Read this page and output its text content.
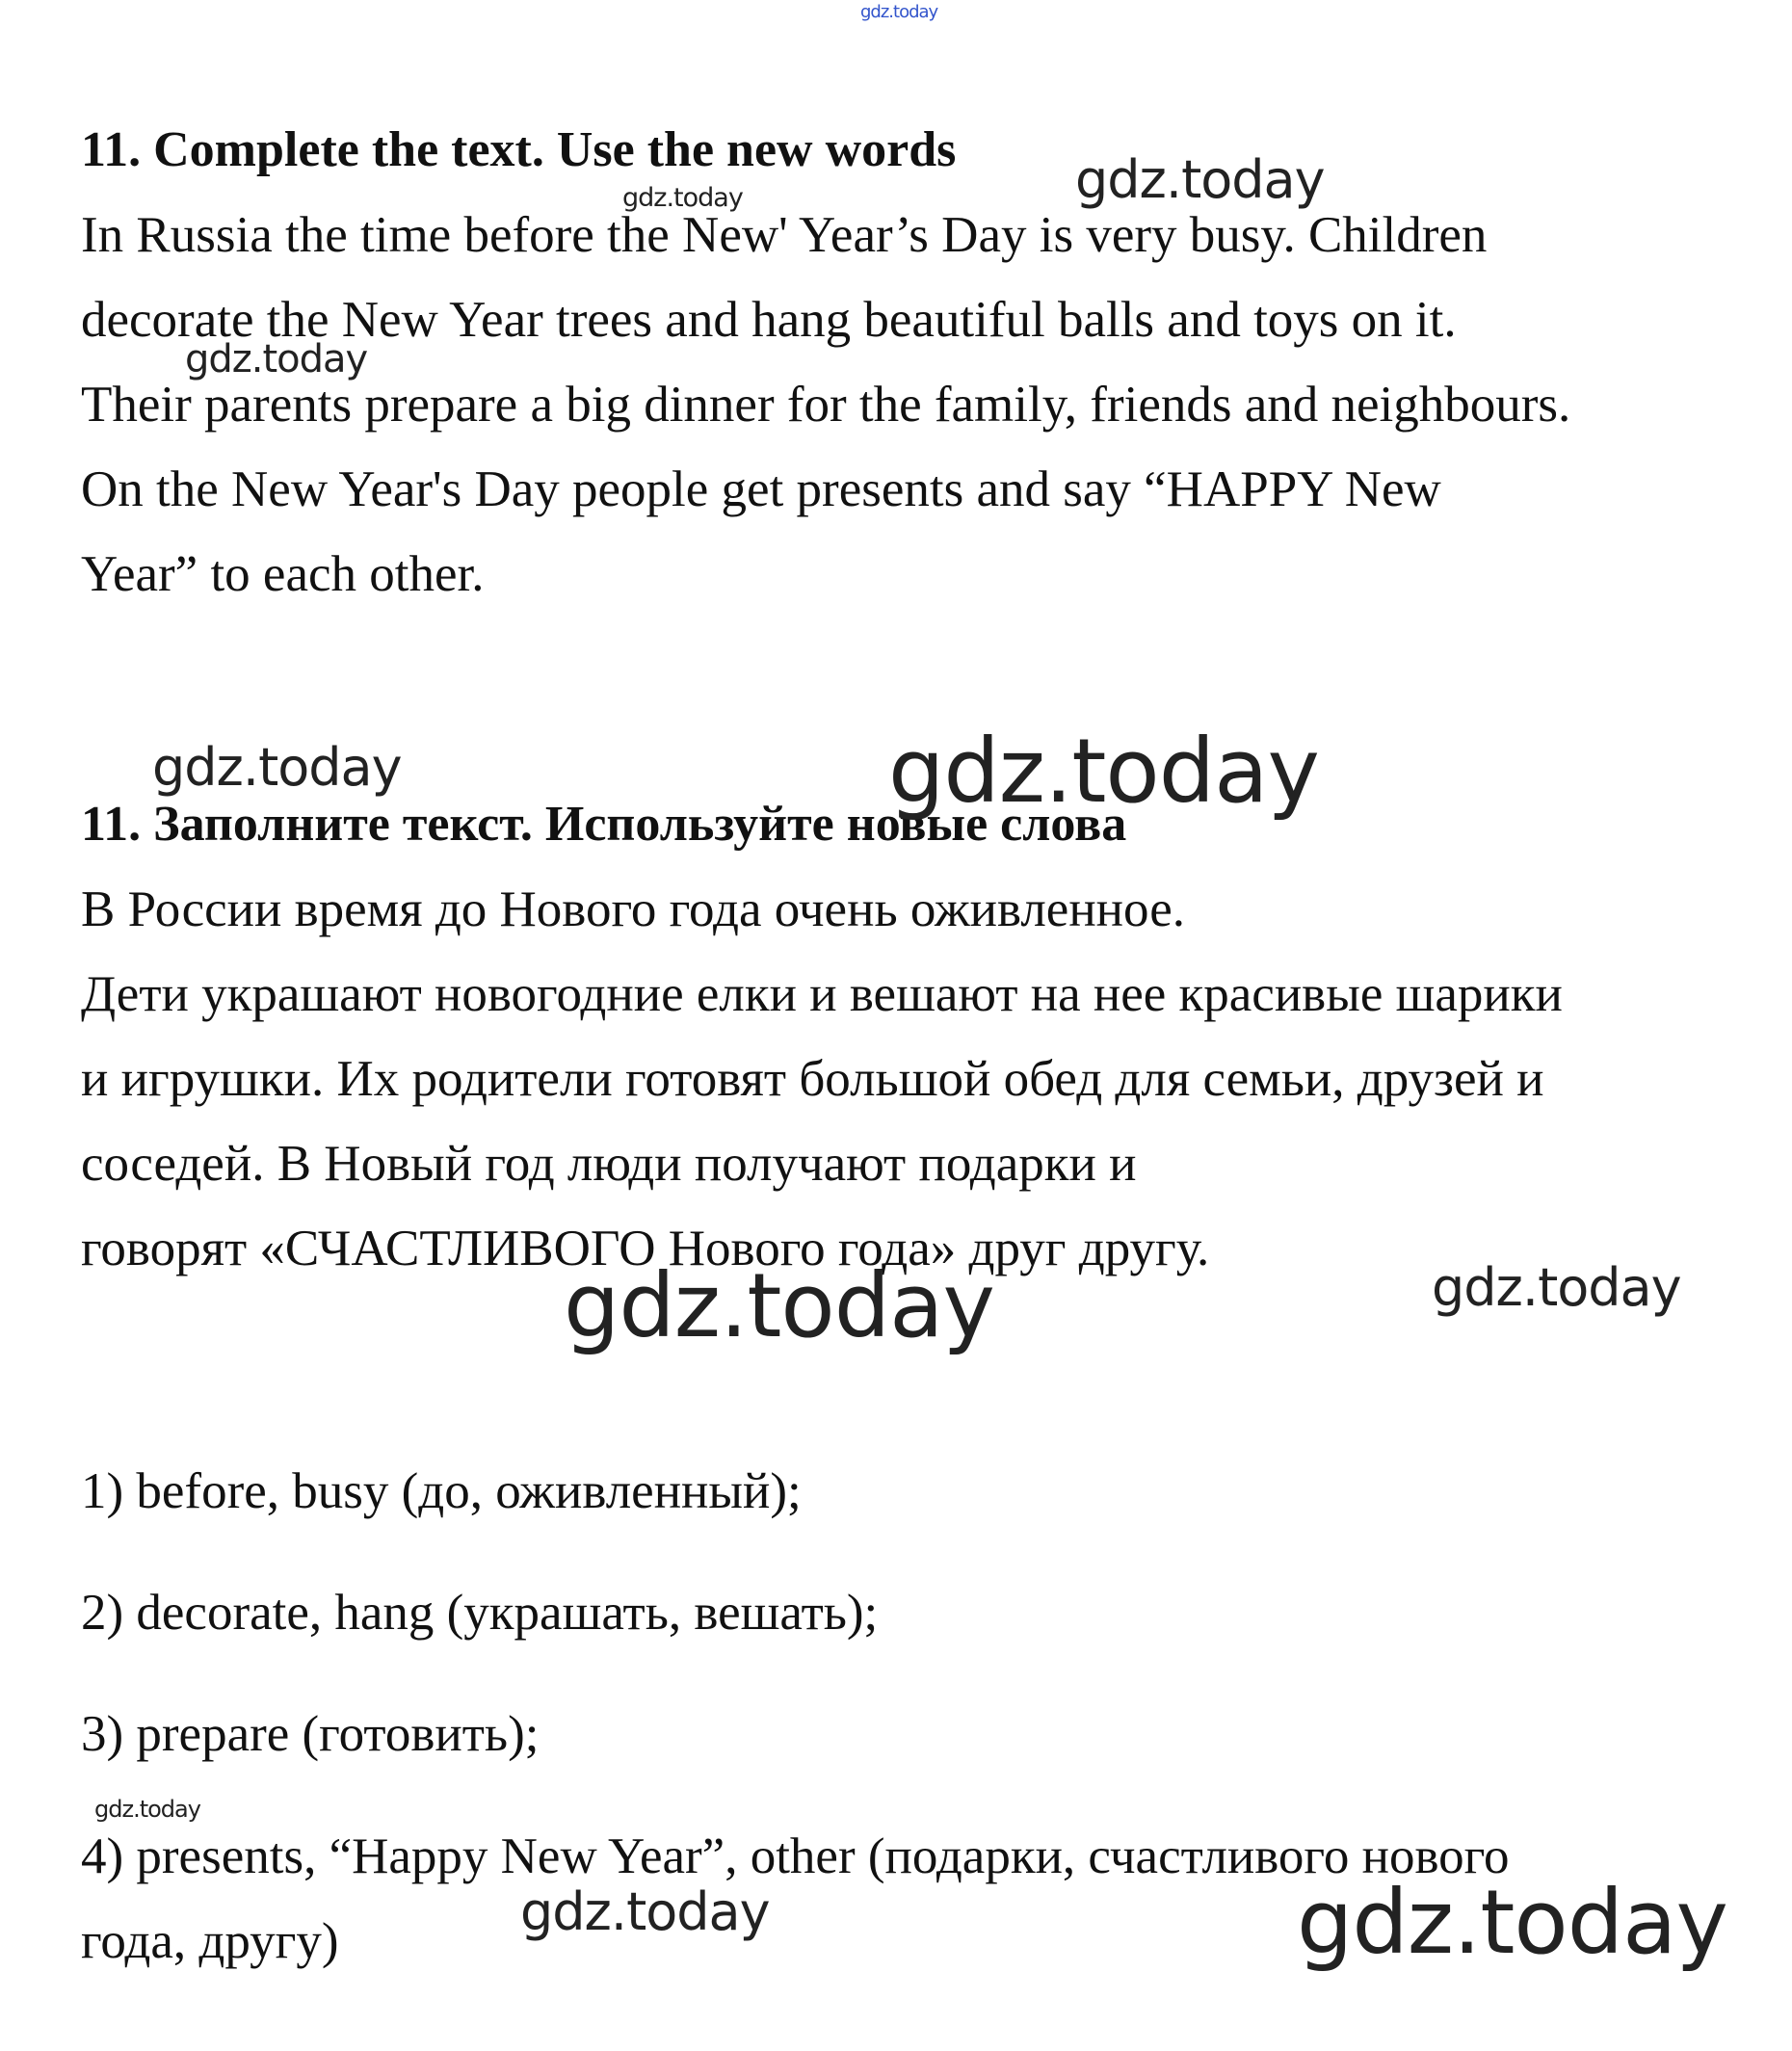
11. Complete the text. Use the new words
In Russia the time before the New' Year’s Day is very busy. Children
decorate the New Year trees and hang beautiful balls and toys on it.
Their parents prepare a big dinner for the family, friends and neighbours.
On the New Year's Day people get presents and say “HAPPY New
Year” to each other.
11. Заполните текст. Используйте новые слова
В России время до Нового года очень оживленное.
Дети украшают новогодние елки и вешают на нее красивые шарики
и игрушки. Их родители готовят большой обед для семьи, друзей и
соседей. В Новый год люди получают подарки и
говорят «СЧАСТЛИВОГО Нового года» друг другу.
1) before, busy (до, оживленный);
2) decorate, hang (украшать, вешать);
3) prepare (готовить);
4) presents, “Happy New Year”, other (подарки, счастливого нового
года, другу)
gdz.today
gdz.today
gdz.today
gdz.today
gdz.today	gdz.today
gdz.today	gdz.today
gdz.today
gdz.today	gdz.today
